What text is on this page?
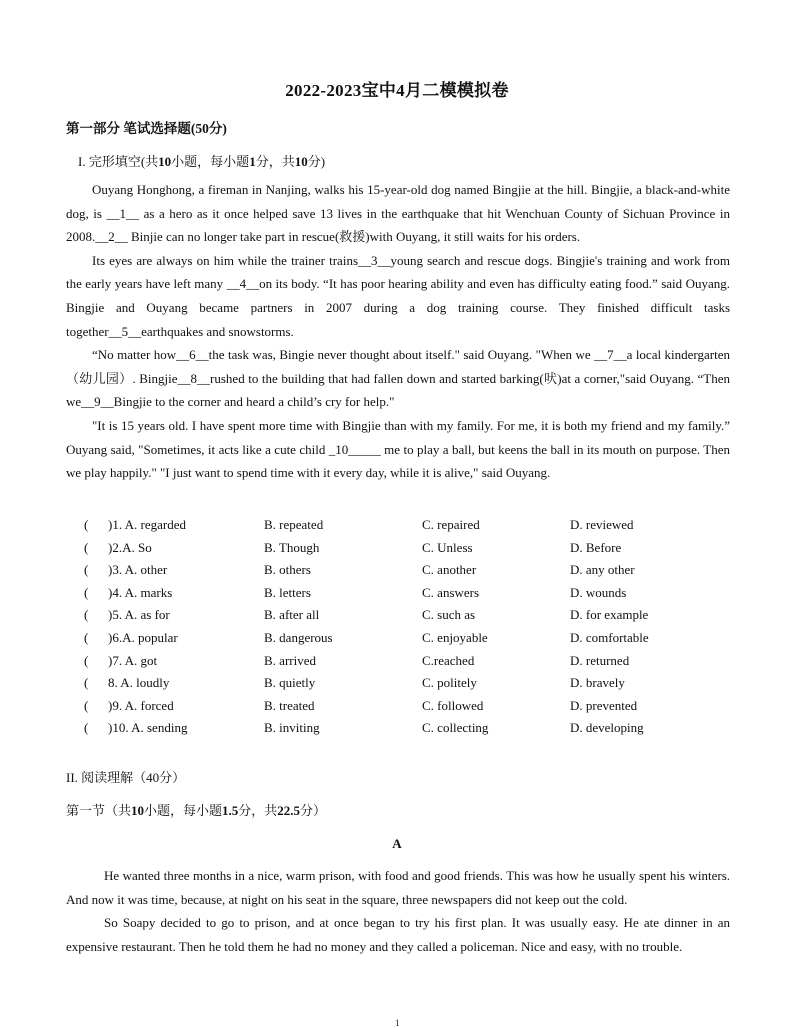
2022-2023宝中4月二模模拟卷
第一部分 笔试选择题(50分)
I. 完形填空(共10小题，每小题1分，共10分)

Ouyang Honghong, a fireman in Nanjing, walks his 15-year-old dog named Bingjie at the hill. Bingjie, a black-and-white dog, is __1__ as a hero as it once helped save 13 lives in the earthquake that hit Wenchuan County of Sichuan Province in 2008.__2__ Binjie can no longer take part in rescue(救援)with Ouyang, it still waits for his orders.

Its eyes are always on him while the trainer trains__3__young search and rescue dogs. Bingjie's training and work from the early years have left many __4__on its body. “It has poor hearing ability and even has difficulty eating food.” said Ouyang. Bingjie and Ouyang became partners in 2007 during a dog training course. They finished difficult tasks together__5__earthquakes and snowstorms.

“No matter how__6__the task was, Bingie never thought about itself." said Ouyang. "When we __7__a local kindergarten（幼儿园）. Bingjie__8__rushed to the building that had fallen down and started barking(吠)at a corner,"said Ouyang. “Then we__9__Bingjie to the corner and heard a child’s cry for help."

"It is 15 years old. I have spent more time with Bingjie than with my family. For me, it is both my friend and my family.” Ouyang said, "Sometimes, it acts like a cute child _10_____ me to play a ball, but keens the ball in its mouth on purpose. Then we play happily." "I just want to spend time with it every day, while it is alive," said Ouyang.

( )1. A. regarded	B. repeated	C. repaired	D. reviewed
( )2.A. So	B. Though	C. Unless	D. Before
( )3. A. other	B. others	C. another	D. any other
( )4. A. marks	B. letters	C. answers	D. wounds
( )5. A. as for	B. after all	C. such as	D. for example
( )6.A. popular	B. dangerous	C. enjoyable	D. comfortable
( )7. A. got	B. arrived	C.reached	D. returned
( 8. A. loudly	B. quietly	C. politely	D. bravely
( )9. A. forced	B. treated	C. followed	D. prevented
( )10. A. sending	B. inviting	C. collecting	D. developing
II. 阅读理解（40分）
第一节（共10小题，每小题1.5分，共22.5分）
A

He wanted three months in a nice, warm prison, with food and good friends. This was how he usually spent his winters. And now it was time, because, at night on his seat in the square, three newspapers did not keep out the cold.

So Soapy decided to go to prison, and at once began to try his first plan. It was usually easy. He ate dinner in an expensive restaurant. Then he told them he had no money and they called a policeman. Nice and easy, with no trouble.

1
